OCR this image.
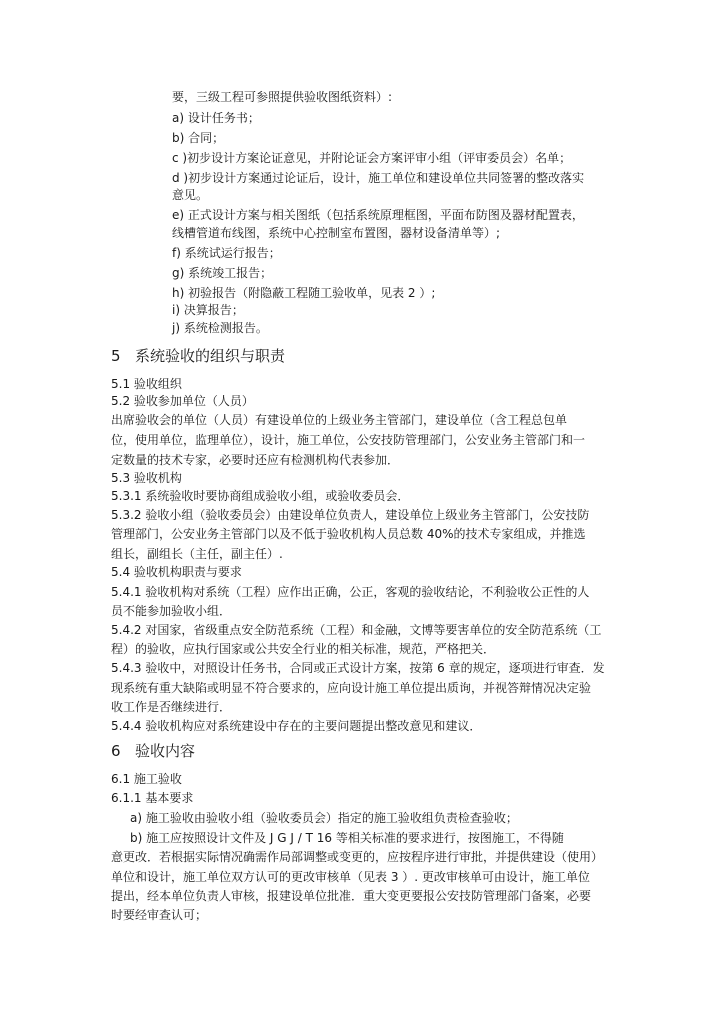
要，三级工程可参照提供验收图纸资料）:
a) 设计任务书；
b) 合同；
c )初步设计方案论证意见，并附论证会方案评审小组（评审委员会）名单；
d )初步设计方案通过论证后，设计，施工单位和建设单位共同签署的整改落实
意见。
e) 正式设计方案与相关图纸（包括系统原理框图，平面布防图及器材配置表，
线槽管道布线图，系统中心控制室布置图，器材设备清单等）;
f) 系统试运行报告；
g) 系统竣工报告；
h) 初验报告（附隐蔽工程随工验收单，见表 2 ）;
i) 决算报告；
j) 系统检测报告。
5 系统验收的组织与职责
5.1 验收组织
5.2 验收参加单位（人员）
出席验收会的单位（人员）有建设单位的上级业务主管部门，建设单位（含工程总包单
位，使用单位，监理单位），设计，施工单位，公安技防管理部门，公安业务主管部门和一
定数量的技术专家，必要时还应有检测机构代表参加．
5.3 验收机构
5.3.1 系统验收时要协商组成验收小组，或验收委员会．
5.3.2 验收小组（验收委员会）由建设单位负责人，建设单位上级业务主管部门，公安技防
管理部门，公安业务主管部门以及不低于验收机构人员总数 40%的技术专家组成，并推选
组长，副组长（主任，副主任）.
5.4 验收机构职责与要求
5.4.1 验收机构对系统（工程）应作出正确，公正，客观的验收结论，不利验收公正性的人
员不能参加验收小组．
5.4.2 对国家，省级重点安全防范系统（工程）和金融，文博等要害单位的安全防范系统（工
程）的验收，应执行国家或公共安全行业的相关标准，规范，严格把关．
5.4.3 验收中，对照设计任务书，合同或正式设计方案，按第 6 章的规定，逐项进行审查．发
现系统有重大缺陷或明显不符合要求的，应向设计施工单位提出质询，并视答辩情况决定验
收工作是否继续进行．
5.4.4 验收机构应对系统建设中存在的主要问题提出整改意见和建议．
6 验收内容
6.1 施工验收
6.1.1 基本要求
a) 施工验收由验收小组（验收委员会）指定的施工验收组负责检查验收；
b) 施工应按照设计文件及 J G J / T 16 等相关标准的要求进行，按图施工，不得随
意更改．若根据实际情况确需作局部调整或变更的，应按程序进行审批，并提供建设（使用）
单位和设计，施工单位双方认可的更改审核单（见表 3 ）. 更改审核单可由设计，施工单位
提出，经本单位负责人审核，报建设单位批准．重大变更要报公安技防管理部门备案，必要
时要经审查认可；
